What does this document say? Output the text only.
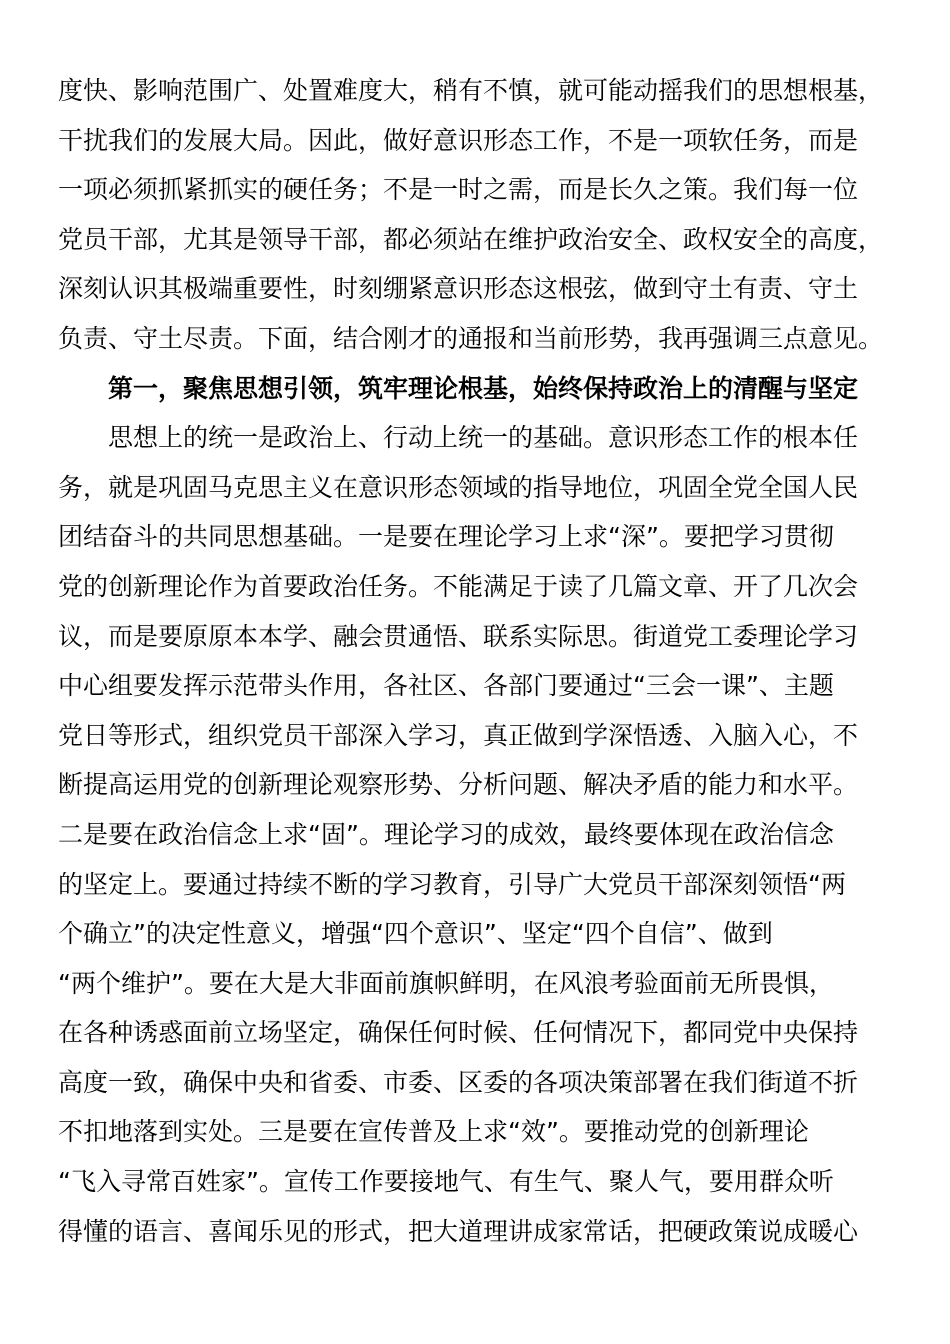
度快、影响范围广、处置难度大，稍有不慎，就可能动摇我们的思想根基，
干扰我们的发展大局。因此，做好意识形态工作，不是一项软任务，而是
一项必须抓紧抓实的硬任务；不是一时之需，而是长久之策。我们每一位
党员干部，尤其是领导干部，都必须站在维护政治安全、政权安全的高度，
深刻认识其极端重要性，时刻绷紧意识形态这根弦，做到守土有责、守土
负责、守土尽责。下面，结合刚才的通报和当前形势，我再强调三点意见。
第一，聚焦思想引领，筑牢理论根基，始终保持政治上的清醒与坚定
思想上的统一是政治上、行动上统一的基础。意识形态工作的根本任
务，就是巩固马克思主义在意识形态领域的指导地位，巩固全党全国人民
团结奋斗的共同思想基础。一是要在理论学习上求“深”。要把学习贯彻
党的创新理论作为首要政治任务。不能满足于读了几篇文章、开了几次会
议，而是要原原本本学、融会贯通悟、联系实际思。街道党工委理论学习
中心组要发挥示范带头作用，各社区、各部门要通过“三会一课”、主题
党日等形式，组织党员干部深入学习，真正做到学深悟透、入脑入心，不
断提高运用党的创新理论观察形势、分析问题、解决矛盾的能力和水平。
二是要在政治信念上求“固”。理论学习的成效，最终要体现在政治信念
的坚定上。要通过持续不断的学习教育，引导广大党员干部深刻领悟“两
个确立”的决定性意义，增强“四个意识”、坚定“四个自信”、做到
“两个维护”。要在大是大非面前旗帜鲜明，在风浪考验面前无所畏惧，
在各种诱惑面前立场坚定，确保任何时候、任何情况下，都同党中央保持
高度一致，确保中央和省委、市委、区委的各项决策部署在我们街道不折
不扣地落到实处。三是要在宣传普及上求“效”。要推动党的创新理论
“飞入寻常百姓家”。宣传工作要接地气、有生气、聚人气，要用群众听
得懂的语言、喜闻乐见的形式，把大道理讲成家常话，把硬政策说成暖心
